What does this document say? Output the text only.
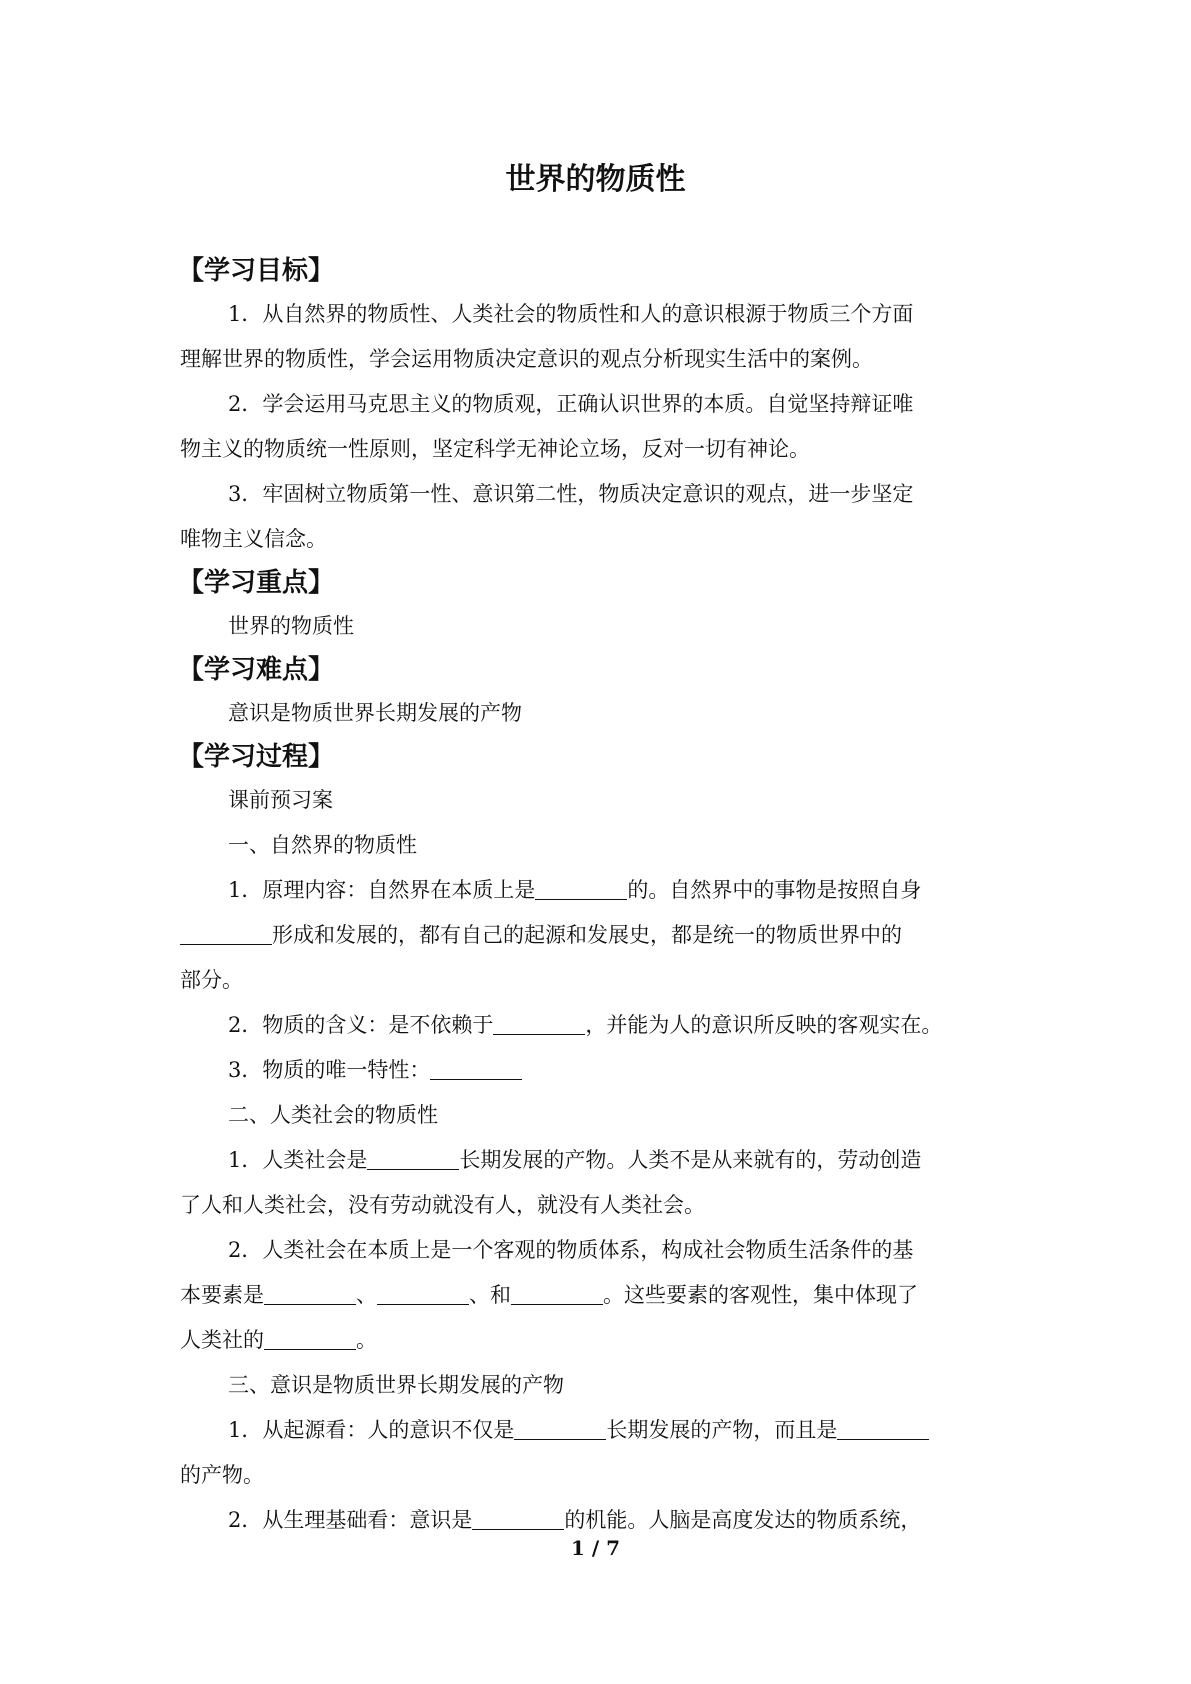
世界的物质性
【学习目标】
1．从自然界的物质性、人类社会的物质性和人的意识根源于物质三个方面
理解世界的物质性，学会运用物质决定意识的观点分析现实生活中的案例。
2．学会运用马克思主义的物质观，正确认识世界的本质。自觉坚持辩证唯
物主义的物质统一性原则，坚定科学无神论立场，反对一切有神论。
3．牢固树立物质第一性、意识第二性，物质决定意识的观点，进一步坚定
唯物主义信念。
【学习重点】
世界的物质性
【学习难点】
意识是物质世界长期发展的产物
【学习过程】
课前预习案
一、自然界的物质性
1．原理内容：自然界在本质上是	的。自然界中的事物是按照自身
形成和发展的，都有自己的起源和发展史，都是统一的物质世界中的
部分。
2．物质的含义：是不依赖于	，并能为人的意识所反映的客观实在。
3．物质的唯一特性：
二、人类社会的物质性
1．人类社会是	长期发展的产物。人类不是从来就有的，劳动创造
了人和人类社会，没有劳动就没有人，就没有人类社会。
2．人类社会在本质上是一个客观的物质体系，构成社会物质生活条件的基
本要素是	、	、和	。这些要素的客观性，集中体现了
人类社的	。
三、意识是物质世界长期发展的产物
1．从起源看：人的意识不仅是	长期发展的产物，而且是
的产物。
2．从生理基础看：意识是	的机能。人脑是高度发达的物质系统，
1 / 7
